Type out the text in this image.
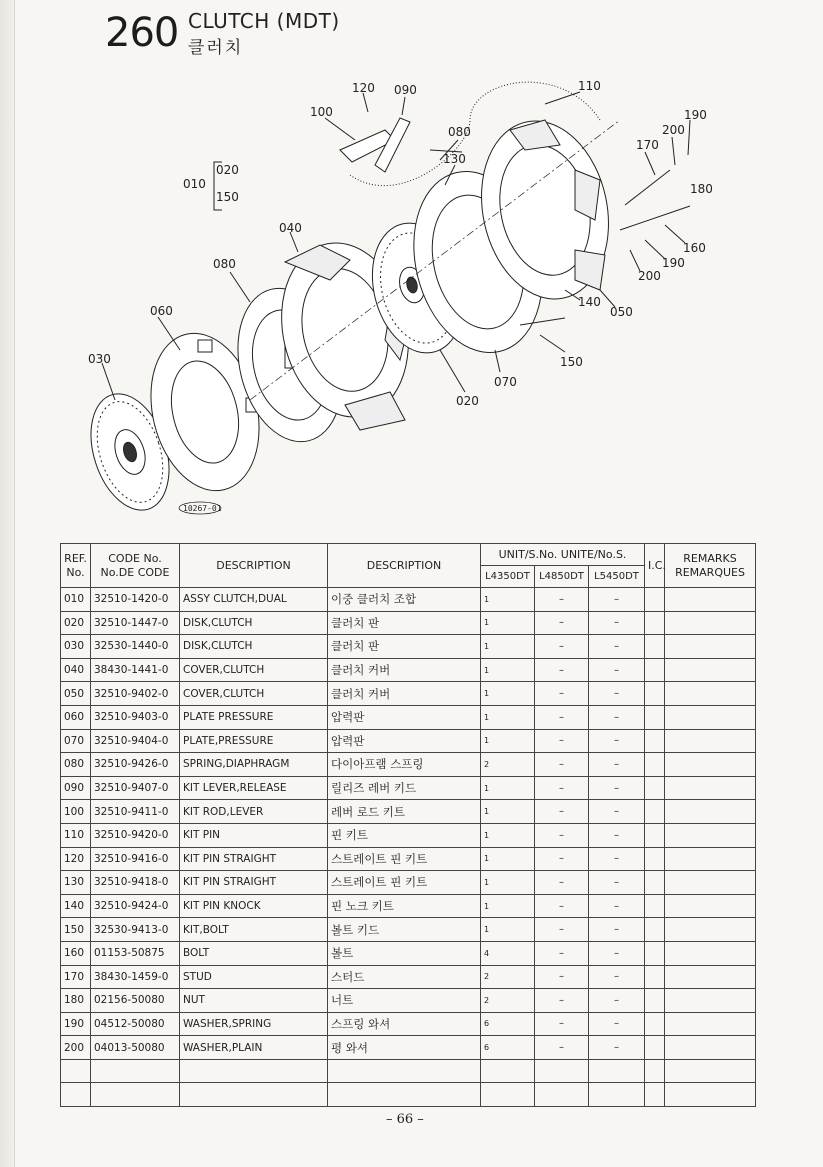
260 CLUTCH (MDT)
클러치
120 090	110
100
080
130
190
200
170
180
010
020
150
040
080
160
190
200
060
140
050
030	150
070
020
10267-01
REF. No.	CODE No. No.DE CODE	DESCRIPTION	DESCRIPTION	UNIT/S.No. UNITE/No.S.			I.C.	REMARKS REMARQUES
				L4350DT	L4850DT	L5450DT		
010	32510-1420-0	ASSY CLUTCH,DUAL	이중 클러치 조합	1	–	–		
020	32510-1447-0	DISK,CLUTCH	클러치 판	1	–	–		
030	32530-1440-0	DISK,CLUTCH	클러치 판	1	–	–		
040	38430-1441-0	COVER,CLUTCH	클러치 커버	1	–	–		
050	32510-9402-0	COVER,CLUTCH	클러치 커버	1	–	–		
060	32510-9403-0	PLATE PRESSURE	압력판	1	–	–		
070	32510-9404-0	PLATE,PRESSURE	압력판	1	–	–		
080	32510-9426-0	SPRING,DIAPHRAGM	다이아프램 스프링	2	–	–		
090	32510-9407-0	KIT LEVER,RELEASE	릴리즈 레버 키드	1	–	–		
100	32510-9411-0	KIT ROD,LEVER	레버 로드 키트	1	–	–		
110	32510-9420-0	KIT PIN	핀 키트	1	–	–		
120	32510-9416-0	KIT PIN STRAIGHT	스트레이트 핀 키트	1	–	–		
130	32510-9418-0	KIT PIN STRAIGHT	스트레이트 핀 키트	1	–	–		
140	32510-9424-0	KIT PIN KNOCK	핀 노크 키트	1	–	–		
150	32530-9413-0	KIT,BOLT	볼트 키드	1	–	–		
160	01153-50875	BOLT	볼트	4	–	–		
170	38430-1459-0	STUD	스터드	2	–	–		
180	02156-50080	NUT	너트	2	–	–		
190	04512-50080	WASHER,SPRING	스프링 와셔	6	–	–		
200	04013-50080	WASHER,PLAIN	평 와셔	6	–	–		

– 66 –
